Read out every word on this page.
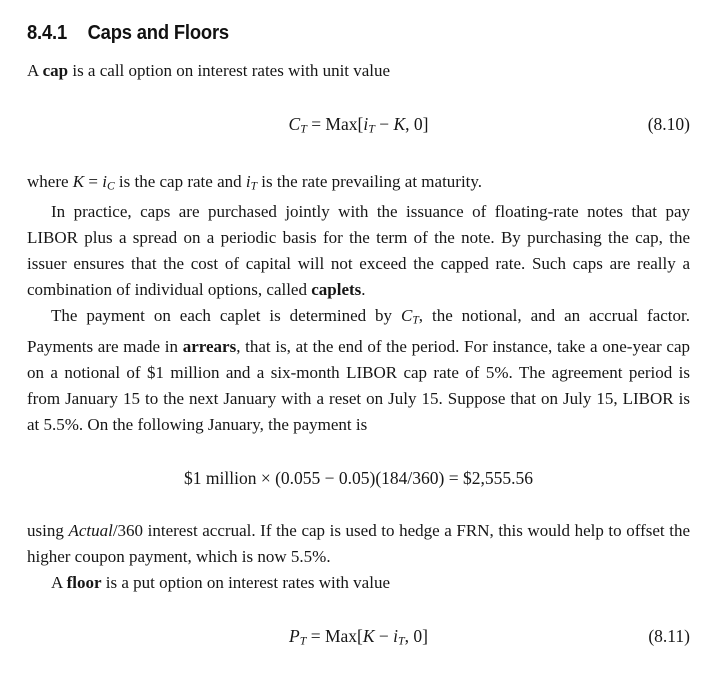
8.4.1 Caps and Floors

A cap is a call option on interest rates with unit value

CT = Max[iT − K, 0]	(8.10)

where K = iC is the cap rate and iT is the rate prevailing at maturity.

In practice, caps are purchased jointly with the issuance of floating-rate notes that pay LIBOR plus a spread on a periodic basis for the term of the note. By purchasing the cap, the issuer ensures that the cost of capital will not exceed the capped rate. Such caps are really a combination of individual options, called caplets.

The payment on each caplet is determined by CT, the notional, and an accrual factor. Payments are made in arrears, that is, at the end of the period. For instance, take a one-year cap on a notional of $1 million and a six-month LIBOR cap rate of 5%. The agreement period is from January 15 to the next January with a reset on July 15. Suppose that on July 15, LIBOR is at 5.5%. On the following January, the payment is

$1 million × (0.055 − 0.05)(184/360) = $2,555.56

using Actual/360 interest accrual. If the cap is used to hedge a FRN, this would help to offset the higher coupon payment, which is now 5.5%.

A floor is a put option on interest rates with value

PT = Max[K − iT, 0]	(8.11)
